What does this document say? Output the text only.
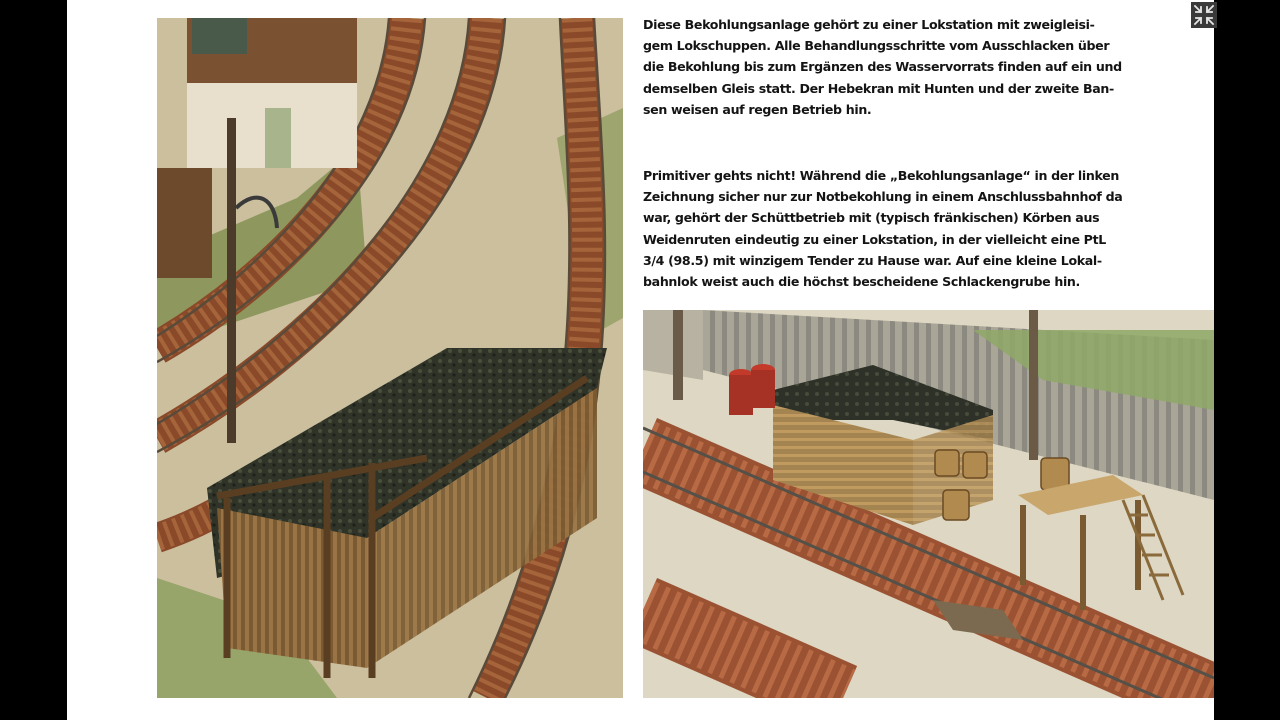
Diese Bekohlungsanlage gehört zu einer Lokstation mit zweigleisi-
gem Lokschuppen. Alle Behandlungsschritte vom Ausschlacken über
die Bekohlung bis zum Ergänzen des Wasservorrats finden auf ein und
demselben Gleis statt. Der Hebekran mit Hunten und der zweite Ban-
sen weisen auf regen Betrieb hin.

Primitiver gehts nicht! Während die „Bekohlungsanlage“ in der linken
Zeichnung sicher nur zur Notbekohlung in einem Anschlussbahnhof da
war, gehört der Schüttbetrieb mit (typisch fränkischen) Körben aus
Weidenruten eindeutig zu einer Lokstation, in der vielleicht eine PtL
3/4 (98.5) mit winzigem Tender zu Hause war. Auf eine kleine Lokal-
bahnlok weist auch die höchst bescheidene Schlackengrube hin.
